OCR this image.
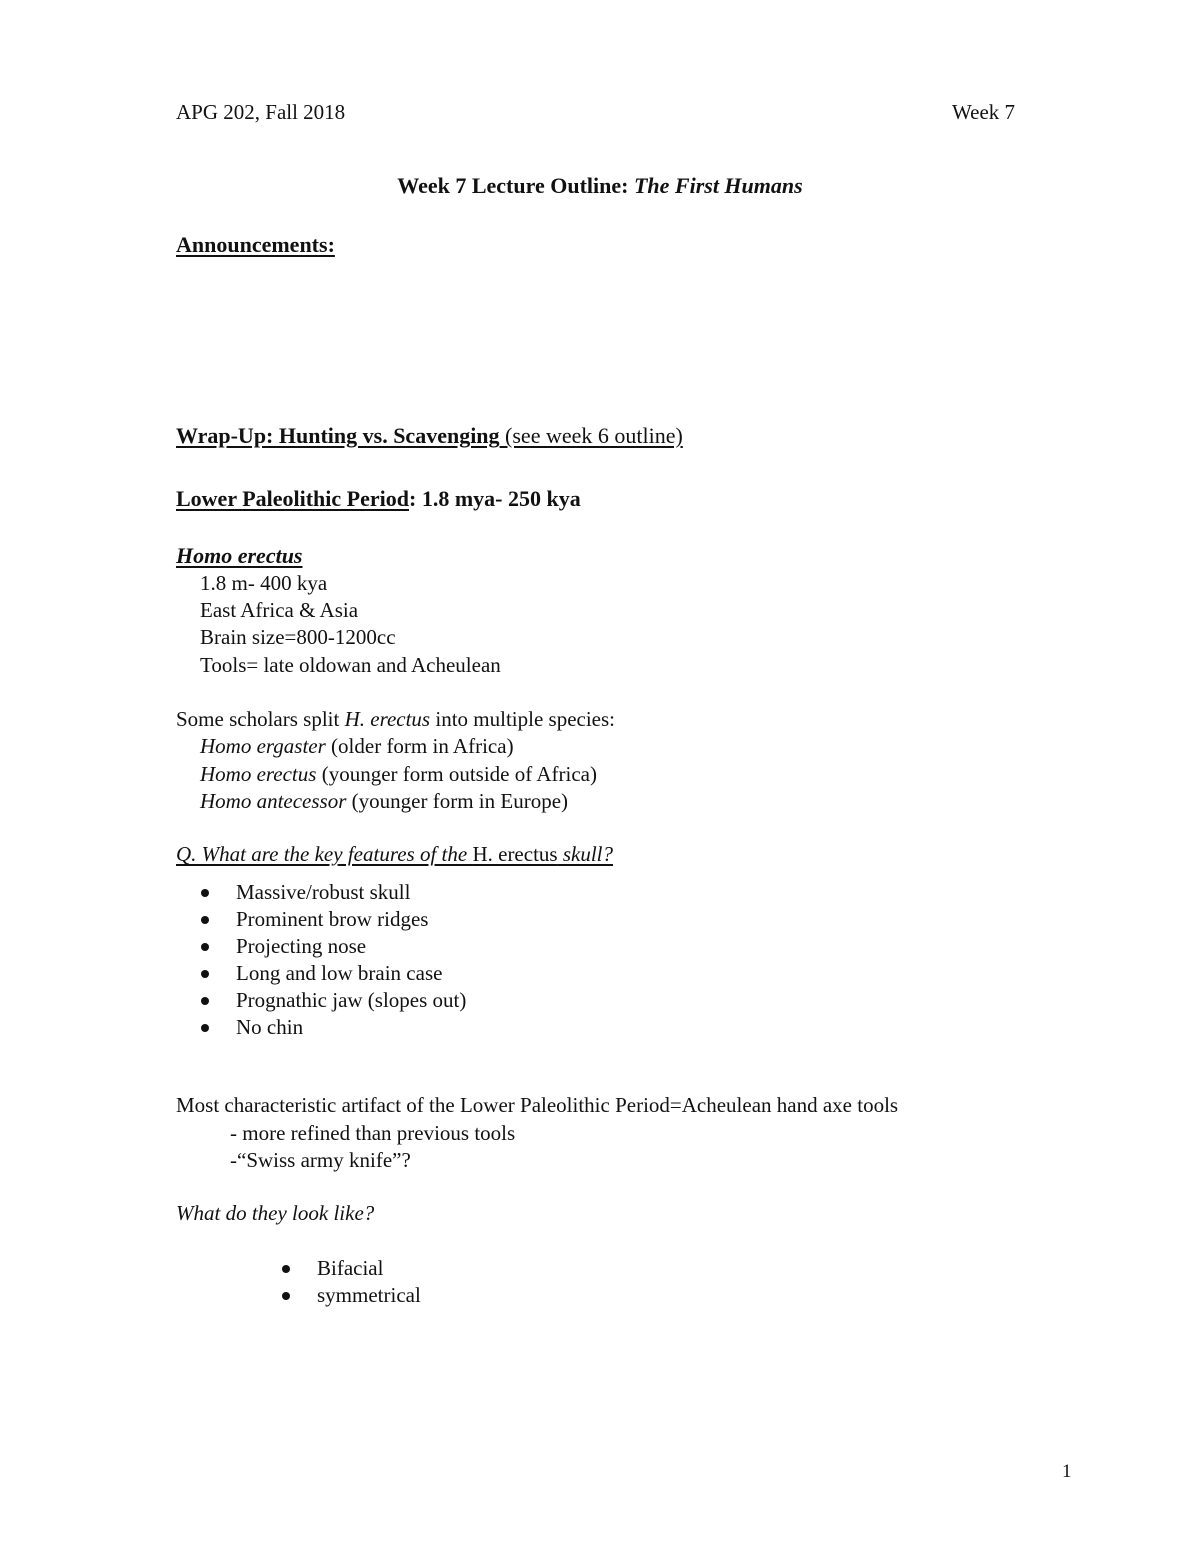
APG 202, Fall 2018	Week 7
Week 7 Lecture Outline: The First Humans
Announcements:
Wrap-Up: Hunting vs. Scavenging (see week 6 outline)
Lower Paleolithic Period: 1.8 mya- 250 kya
Homo erectus
1.8 m- 400 kya
East Africa & Asia
Brain size=800-1200cc
Tools= late oldowan and Acheulean
Some scholars split H. erectus into multiple species:
Homo ergaster (older form in Africa)
Homo erectus (younger form outside of Africa)
Homo antecessor (younger form in Europe)
Q. What are the key features of the H. erectus skull?
Massive/robust skull
Prominent brow ridges
Projecting nose
Long and low brain case
Prognathic jaw (slopes out)
No chin
Most characteristic artifact of the Lower Paleolithic Period=Acheulean hand axe tools
- more refined than previous tools
-“Swiss army knife”?
What do they look like?
Bifacial
symmetrical
1
